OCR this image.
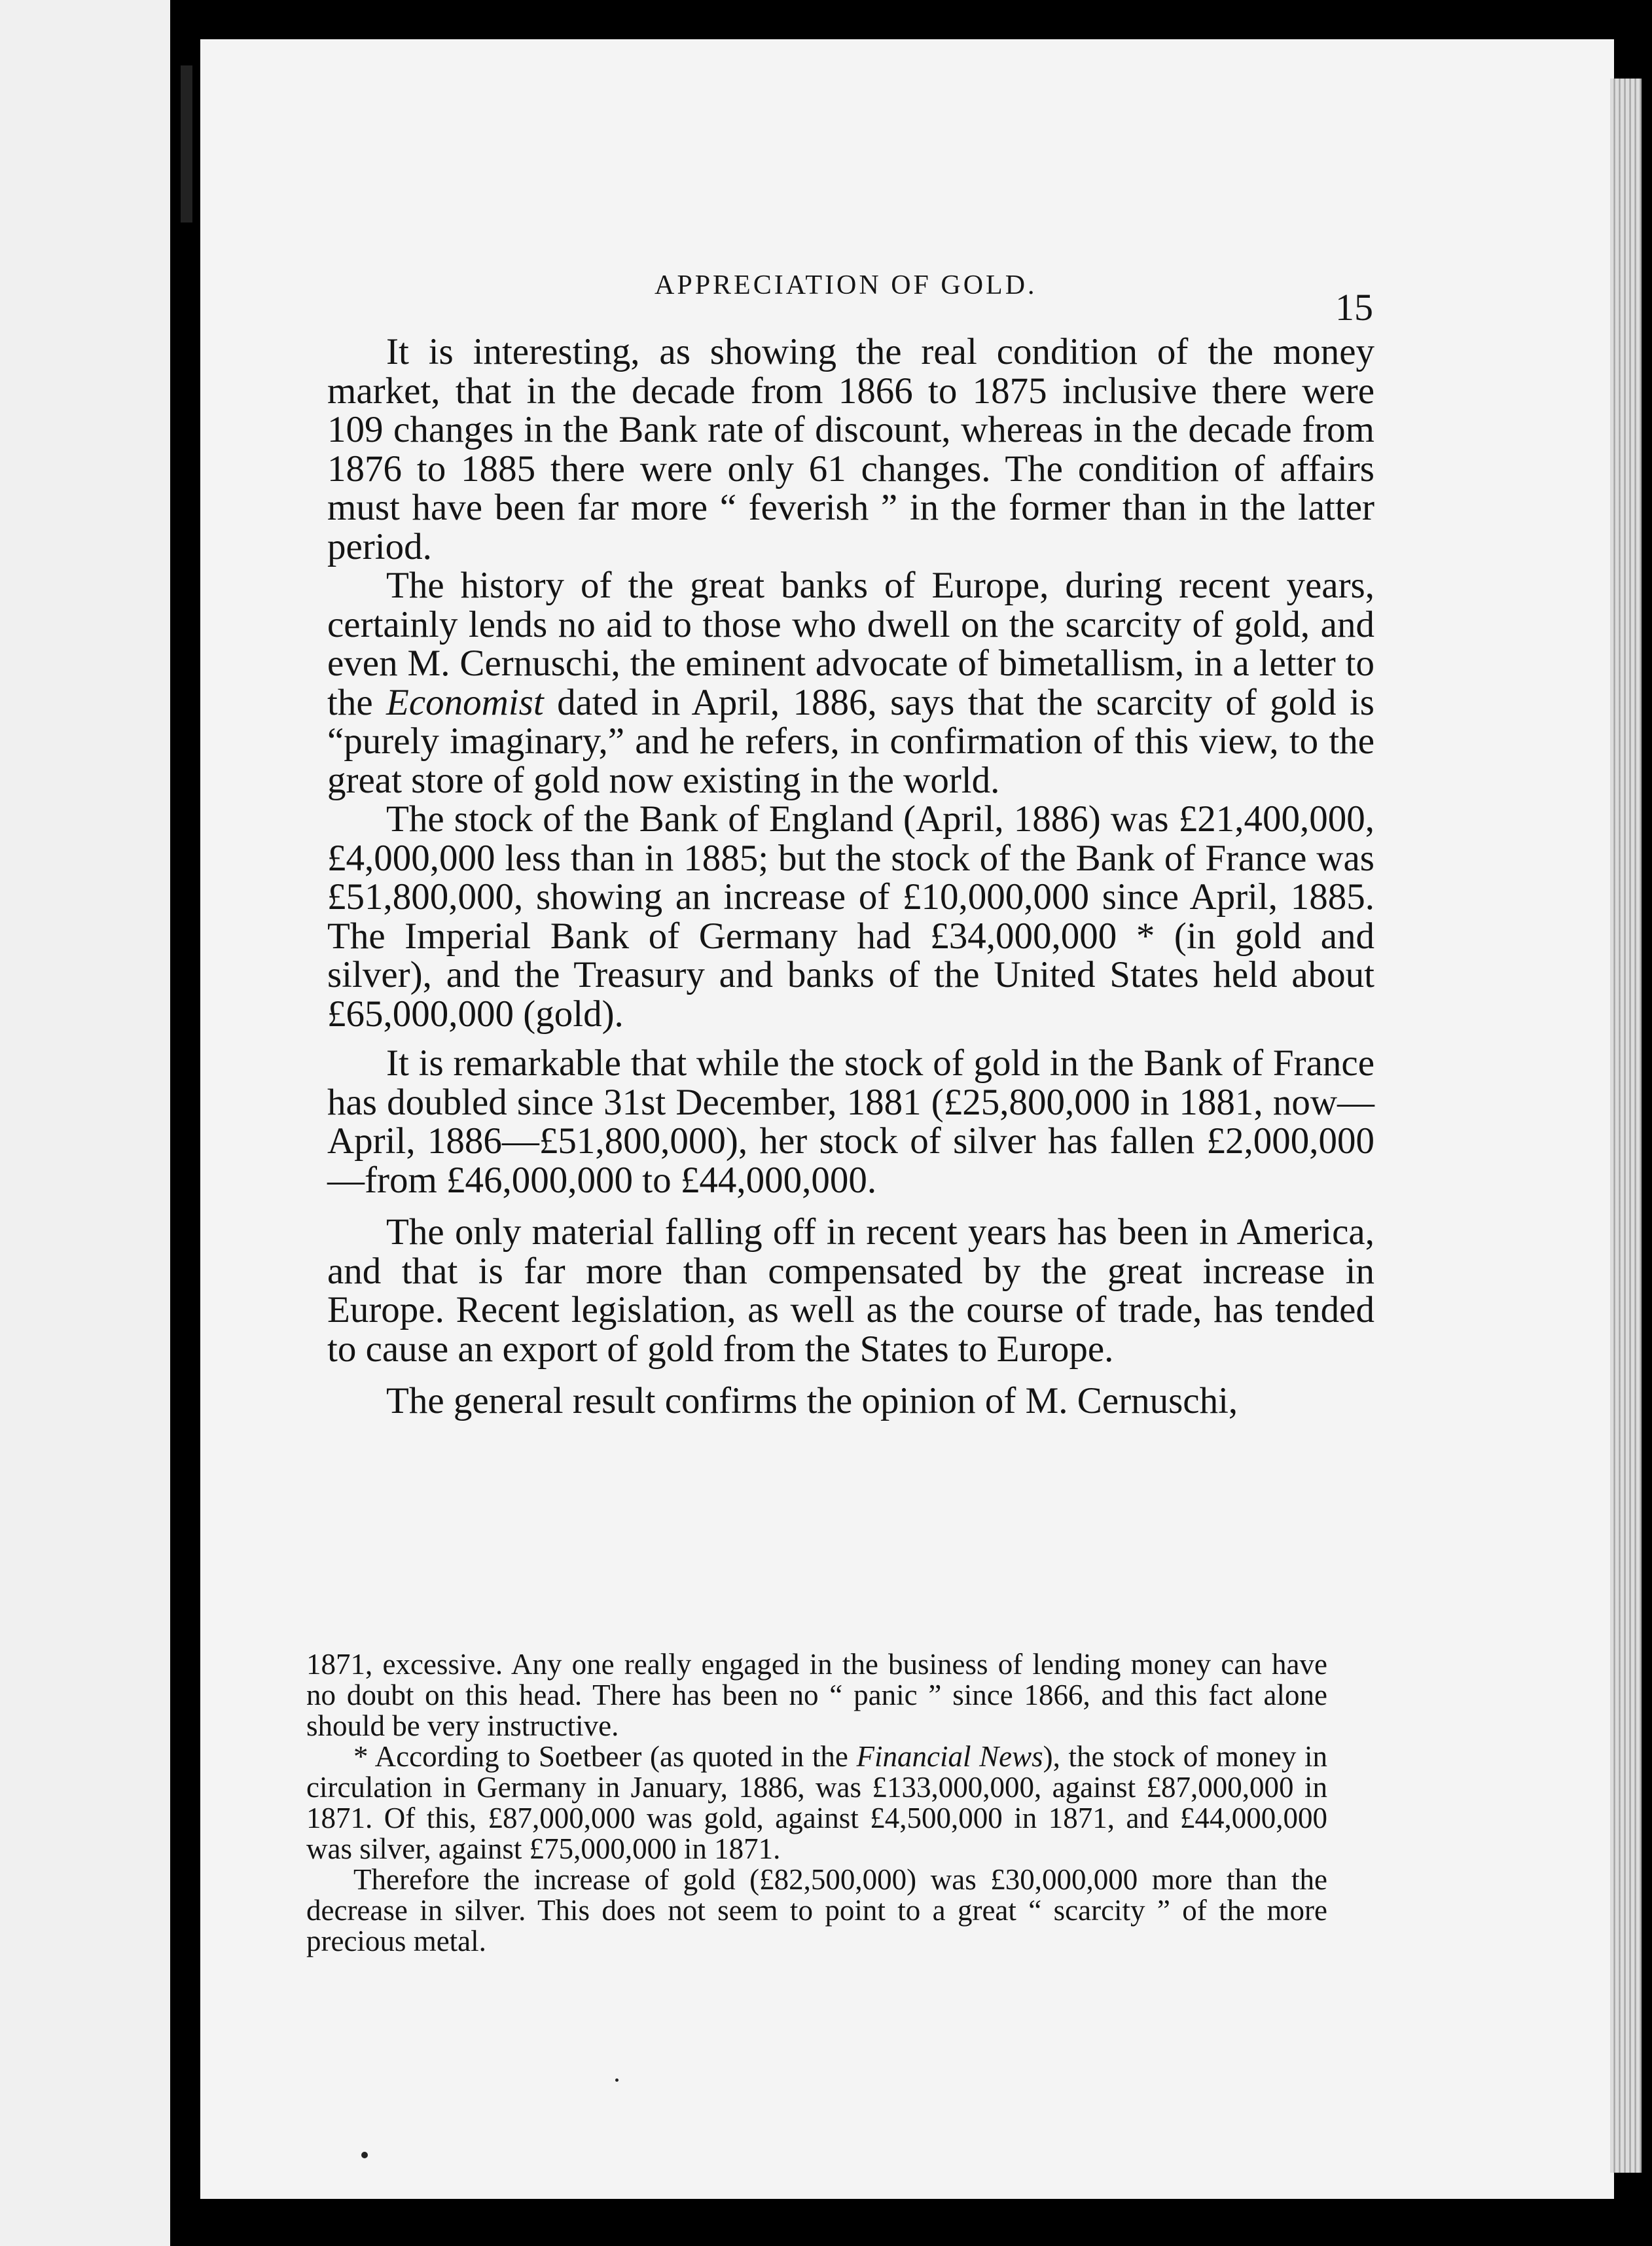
APPRECIATION OF GOLD.
15

It is interesting, as showing the real condition of the money market, that in the decade from 1866 to 1875 inclusive there were 109 changes in the Bank rate of discount, whereas in the decade from 1876 to 1885 there were only 61 changes. The condition of affairs must have been far more “ feverish ” in the former than in the latter period.

The history of the great banks of Europe, during recent years, certainly lends no aid to those who dwell on the scarcity of gold, and even M. Cernuschi, the eminent advocate of bimetallism, in a letter to the Economist dated in April, 1886, says that the scarcity of gold is “purely imaginary,” and he refers, in confirmation of this view, to the great store of gold now existing in the world.

The stock of the Bank of England (April, 1886) was £21,400,000, £4,000,000 less than in 1885; but the stock of the Bank of France was £51,800,000, showing an increase of £10,000,000 since April, 1885. The Imperial Bank of Germany had £34,000,000 * (in gold and silver), and the Treasury and banks of the United States held about £65,000,000 (gold).

It is remarkable that while the stock of gold in the Bank of France has doubled since 31st December, 1881 (£25,800,000 in 1881, now—April, 1886—£51,800,000), her stock of silver has fallen £2,000,000—from £46,000,000 to £44,000,000.

The only material falling off in recent years has been in America, and that is far more than compensated by the great increase in Europe. Recent legislation, as well as the course of trade, has tended to cause an export of gold from the States to Europe.

The general result confirms the opinion of M. Cernuschi,

1871, excessive. Any one really engaged in the business of lending money can have no doubt on this head. There has been no “ panic ” since 1866, and this fact alone should be very instructive.

* According to Soetbeer (as quoted in the Financial News), the stock of money in circulation in Germany in January, 1886, was £133,000,000, against £87,000,000 in 1871. Of this, £87,000,000 was gold, against £4,500,000 in 1871, and £44,000,000 was silver, against £75,000,000 in 1871.

Therefore the increase of gold (£82,500,000) was £30,000,000 more than the decrease in silver. This does not seem to point to a great “ scarcity ” of the more precious metal.
